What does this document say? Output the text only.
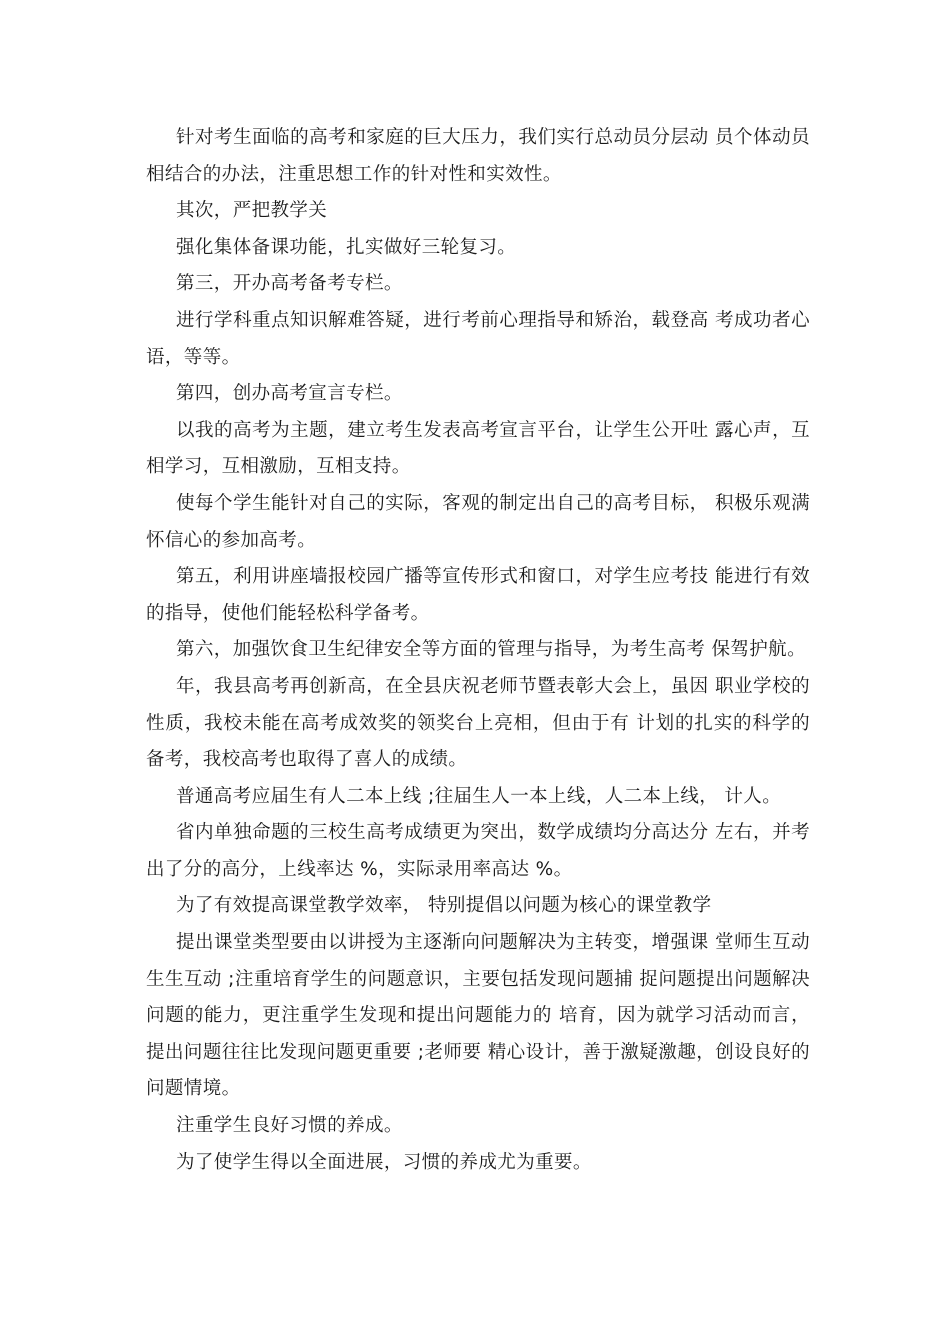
针对考生面临的高考和家庭的巨大压力，我们实行总动员分层动 员个体动员相结合的办法，注重思想工作的针对性和实效性。

其次，严把教学关

强化集体备课功能，扎实做好三轮复习。

第三，开办高考备考专栏。

进行学科重点知识解难答疑，进行考前心理指导和矫治，载登高 考成功者心语，等等。

第四，创办高考宣言专栏。

以我的高考为主题，建立考生发表高考宣言平台，让学生公开吐 露心声，互相学习，互相激励，互相支持。

使每个学生能针对自己的实际，客观的制定出自己的高考目标， 积极乐观满怀信心的参加高考。

第五，利用讲座墙报校园广播等宣传形式和窗口，对学生应考技 能进行有效的指导，使他们能轻松科学备考。

第六，加强饮食卫生纪律安全等方面的管理与指导，为考生高考 保驾护航。

年，我县高考再创新高，在全县庆祝老师节暨表彰大会上，虽因 职业学校的性质，我校未能在高考成效奖的领奖台上亮相，但由于有 计划的扎实的科学的备考，我校高考也取得了喜人的成绩。

普通高考应届生有人二本上线 ;往届生人一本上线，人二本上线， 计人。

省内单独命题的三校生高考成绩更为突出，数学成绩均分高达分 左右，并考出了分的高分，上线率达 %，实际录用率高达 %。

为了有效提高课堂教学效率， 特别提倡以问题为核心的课堂教学

提出课堂类型要由以讲授为主逐渐向问题解决为主转变，增强课 堂师生互动生生互动 ;注重培育学生的问题意识，主要包括发现问题捕 捉问题提出问题解决问题的能力，更注重学生发现和提出问题能力的 培育，因为就学习活动而言，提出问题往往比发现问题更重要 ;老师要 精心设计，善于激疑激趣，创设良好的问题情境。

注重学生良好习惯的养成。

为了使学生得以全面进展，习惯的养成尤为重要。
